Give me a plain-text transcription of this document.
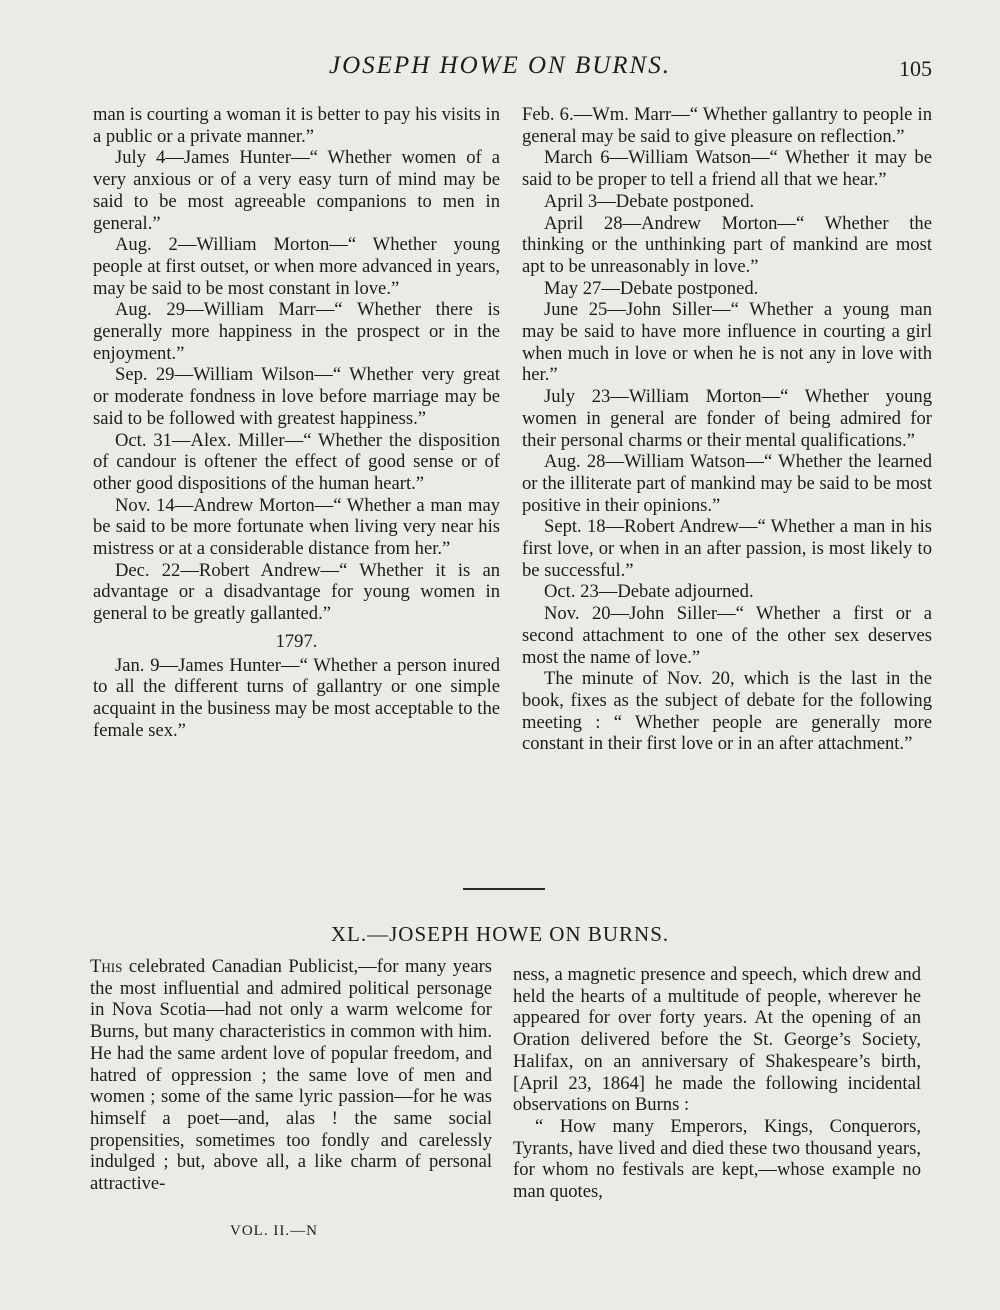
JOSEPH HOWE ON BURNS.	105

man is courting a woman it is better to pay his visits in a public or a private manner.”

July 4—James Hunter—“ Whether women of a very anxious or of a very easy turn of mind may be said to be most agreeable companions to men in general.”

Aug. 2—William Morton—“ Whether young people at first outset, or when more advanced in years, may be said to be most constant in love.”

Aug. 29—William Marr—“ Whether there is generally more happiness in the prospect or in the enjoyment.”

Sep. 29—William Wilson—“ Whether very great or moderate fondness in love before marriage may be said to be followed with greatest happiness.”

Oct. 31—Alex. Miller—“ Whether the disposition of candour is oftener the effect of good sense or of other good dispositions of the human heart.”

Nov. 14—Andrew Morton—“ Whether a man may be said to be more fortunate when living very near his mistress or at a considerable distance from her.”

Dec. 22—Robert Andrew—“ Whether it is an advantage or a disadvantage for young women in general to be greatly gallanted.”

1797.

Jan. 9—James Hunter—“ Whether a person inured to all the different turns of gallantry or one simple acquaint in the business may be most acceptable to the female sex.”

Feb. 6.—Wm. Marr—“ Whether gallantry to people in general may be said to give pleasure on reflection.”

March 6—William Watson—“ Whether it may be said to be proper to tell a friend all that we hear.”

April 3—Debate postponed.

April 28—Andrew Morton—“ Whether the thinking or the unthinking part of mankind are most apt to be unreasonably in love.”

May 27—Debate postponed.

June 25—John Siller—“ Whether a young man may be said to have more influence in courting a girl when much in love or when he is not any in love with her.”

July 23—William Morton—“ Whether young women in general are fonder of being admired for their personal charms or their mental qualifications.”

Aug. 28—William Watson—“ Whether the learned or the illiterate part of mankind may be said to be most positive in their opinions.”

Sept. 18—Robert Andrew—“ Whether a man in his first love, or when in an after passion, is most likely to be successful.”

Oct. 23—Debate adjourned.

Nov. 20—John Siller—“ Whether a first or a second attachment to one of the other sex deserves most the name of love.”

The minute of Nov. 20, which is the last in the book, fixes as the subject of debate for the following meeting : “ Whether people are generally more constant in their first love or in an after attachment.”

XL.—JOSEPH HOWE ON BURNS.

This celebrated Canadian Publicist,—for many years the most influential and admired political personage in Nova Scotia—had not only a warm welcome for Burns, but many characteristics in common with him. He had the same ardent love of popular freedom, and hatred of oppression ; the same love of men and women ; some of the same lyric passion—for he was himself a poet—and, alas ! the same social propensities, sometimes too fondly and carelessly indulged ; but, above all, a like charm of personal attractive-

ness, a magnetic presence and speech, which drew and held the hearts of a multitude of people, wherever he appeared for over forty years. At the opening of an Oration delivered before the St. George’s Society, Halifax, on an anniversary of Shakespeare’s birth, [April 23, 1864] he made the following incidental observations on Burns :

“ How many Emperors, Kings, Conquerors, Tyrants, have lived and died these two thousand years, for whom no festivals are kept,—whose example no man quotes,

VOL. II.—N
